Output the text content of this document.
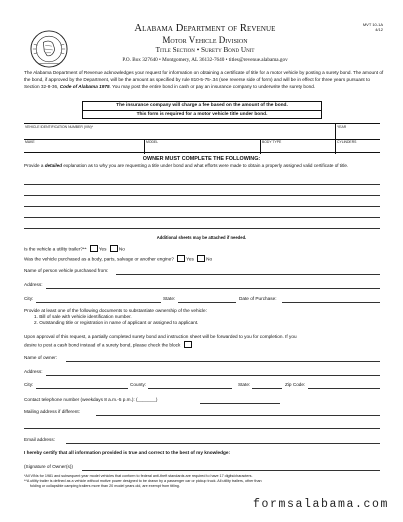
MVT 10-1A
4/12
Alabama Department of Revenue
Motor Vehicle Division
Title Section • Surety Bond Unit
P.O. Box 327640 • Montgomery, AL 36132-7640 • titles@revenue.alabama.gov
The Alabama Department of Revenue acknowledges your request for information on obtaining a certificate of title for a motor vehicle by posting a surety bond. The amount of the bond, if approved by the Department, will be the amount as specified by rule 810-5-75-.34 (see reverse side of form) and will be in effect for three years pursuant to Section 32-8-36, Code of Alabama 1975. You may post the entire bond in cash or pay an insurance company to underwrite the surety bond.
The insurance company will charge a fee based on the amount of the bond.
This form is required for a motor vehicle title under bond.
VEHICLE IDENTIFICATION NUMBER (VIN)*	YEAR
MAKE	MODEL	BODY TYPE	CYLINDERS
OWNER MUST COMPLETE THE FOLLOWING:
Provide a detailed explanation as to why you are requesting a title under bond and what efforts were made to obtain a properly assigned valid certificate of title.
Additional sheets may be attached if needed.
Is the vehicle a utility trailer?**	Yes	No
Was the vehicle purchased as a body, parts, salvage or another engine?	Yes	No
Name of person vehicle purchased from:
Address:
City:	State:	Date of Purchase:
Provide at least one of the following documents to substantiate ownership of the vehicle:
1. Bill of sale with vehicle identification number.
2. Outstanding title or registration in name of applicant or assigned to applicant.
Upon approval of this request, a partially completed surety bond and instruction sheet will be forwarded to you for completion. If you
desire to post a cash bond instead of a surety bond, please check the block
Name of owner:
Address:
City:	County:	State:	Zip Code:
Contact telephone number (weekdays 8 a.m.-5 p.m.): (_______)
Mailing address if different:
Email address:
I hereby certify that all information provided is true and correct to the best of my knowledge:
(Signature of Owner(s))
*All VINs for 1981 and subsequent year model vehicles that conform to federal anti-theft standards are required to have 17 digits/characters.
**A utility trailer is defined as a vehicle without motive power designed to be drawn by a passenger car or pickup truck. All utility trailers, other than
folding or collapsible camping trailers more than 20 model years old, are exempt from titling.
formsalabama.com
